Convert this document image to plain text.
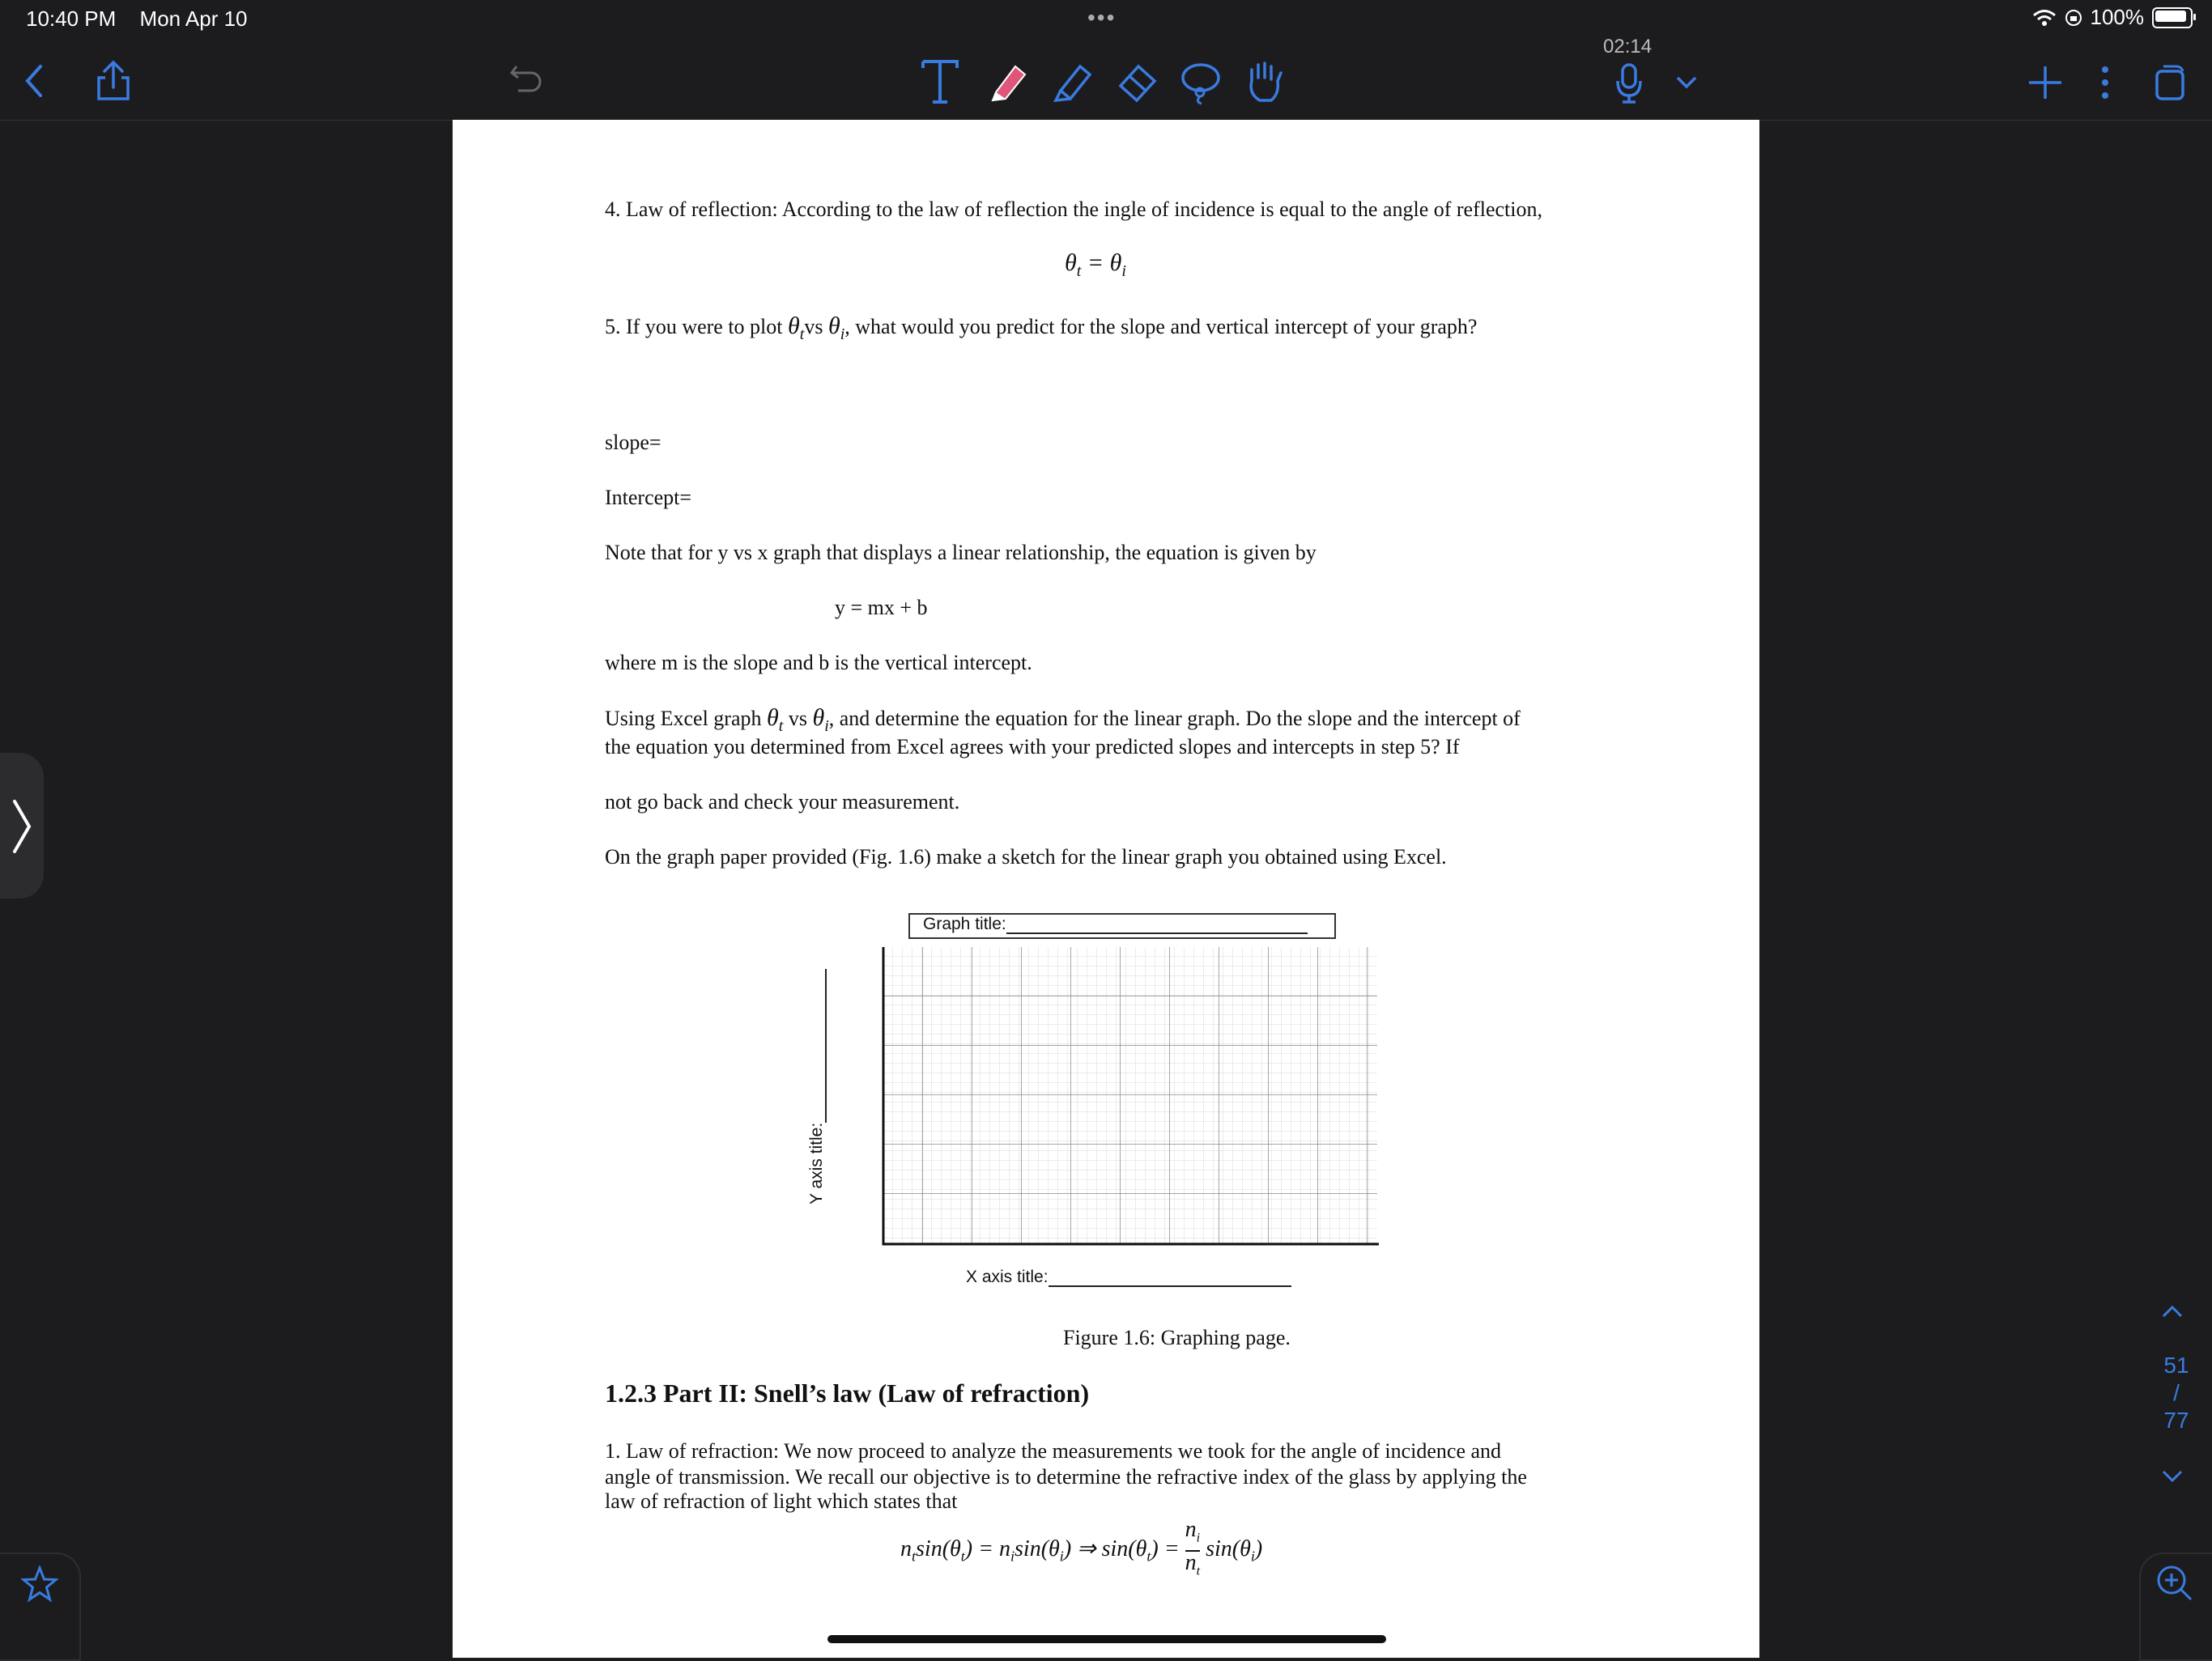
10:40 PM Mon Apr 10	•••	100%
02:14
4. Law of reflection: According to the law of reflection the ingle of incidence is equal to the angle of reflection,
$\theta_t = \theta_i$
5. If you were to plot $\theta_tvs$ $\theta_i$, what would you predict for the slope and vertical intercept of your graph?
slope=
Intercept=
Note that for y vs x graph that displays a linear relationship, the equation is given by
y = mx + b
where m is the slope and b is the vertical intercept.
Using Excel graph $\theta_t$ vs $\theta_i$, and determine the equation for the linear graph. Do the slope and the intercept of
the equation you determined from Excel agrees with your predicted slopes and intercepts in step 5? If
not go back and check your measurement.
On the graph paper provided (Fig. 1.6) make a sketch for the linear graph you obtained using Excel.
Graph title:
Y axis title:
X axis title:
Figure 1.6: Graphing page.
1.2.3 Part II: Snell’s law (Law of refraction)
1. Law of refraction: We now proceed to analyze the measurements we took for the angle of incidence and
angle of transmission. We recall our objective is to determine the refractive index of the glass by applying the
law of refraction of light which states that
$n_t\sin(\theta_t) = n_i\sin(\theta_i)$ ⇒ $\sin(\theta_t) = \frac{n_i}{n_t} \sin(\theta_i)$
51
/
77
